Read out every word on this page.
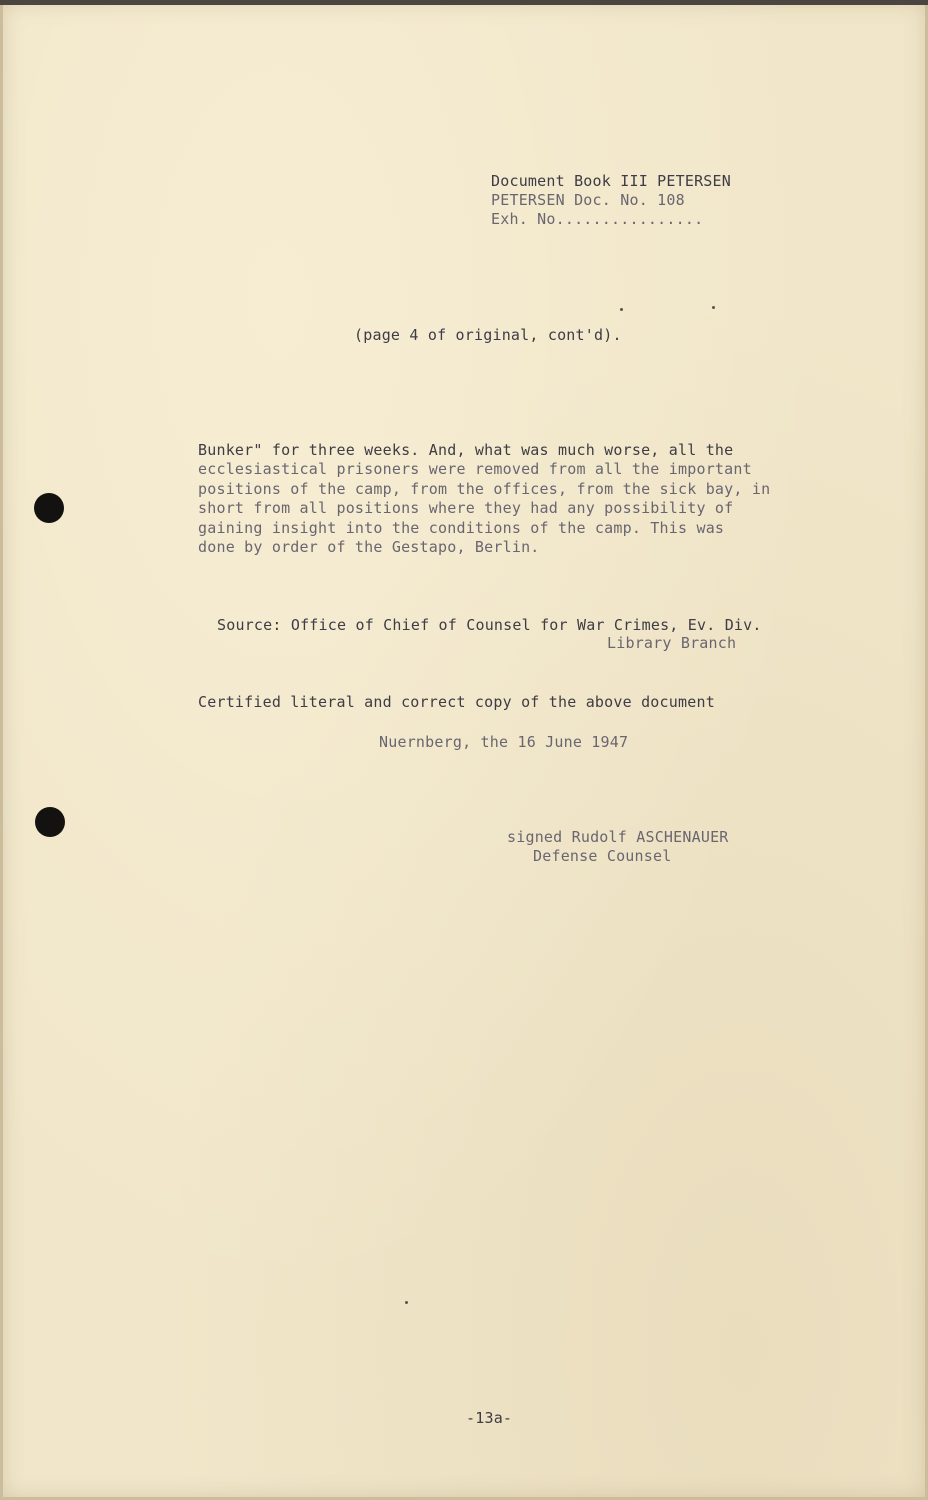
Document Book III PETERSEN
PETERSEN Doc. No. 108
Exh. No................
(page 4 of original, cont'd).
Bunker" for three weeks. And, what was much worse, all the
ecclesiastical prisoners were removed from all the important
positions of the camp, from the offices, from the sick bay, in
short from all positions where they had any possibility of
gaining insight into the conditions of the camp. This was
done by order of the Gestapo, Berlin.
Source: Office of Chief of Counsel for War Crimes, Ev. Div.
Library Branch
Certified literal and correct copy of the above document
Nuernberg, the 16 June 1947
signed Rudolf ASCHENAUER
Defense Counsel
-13a-
